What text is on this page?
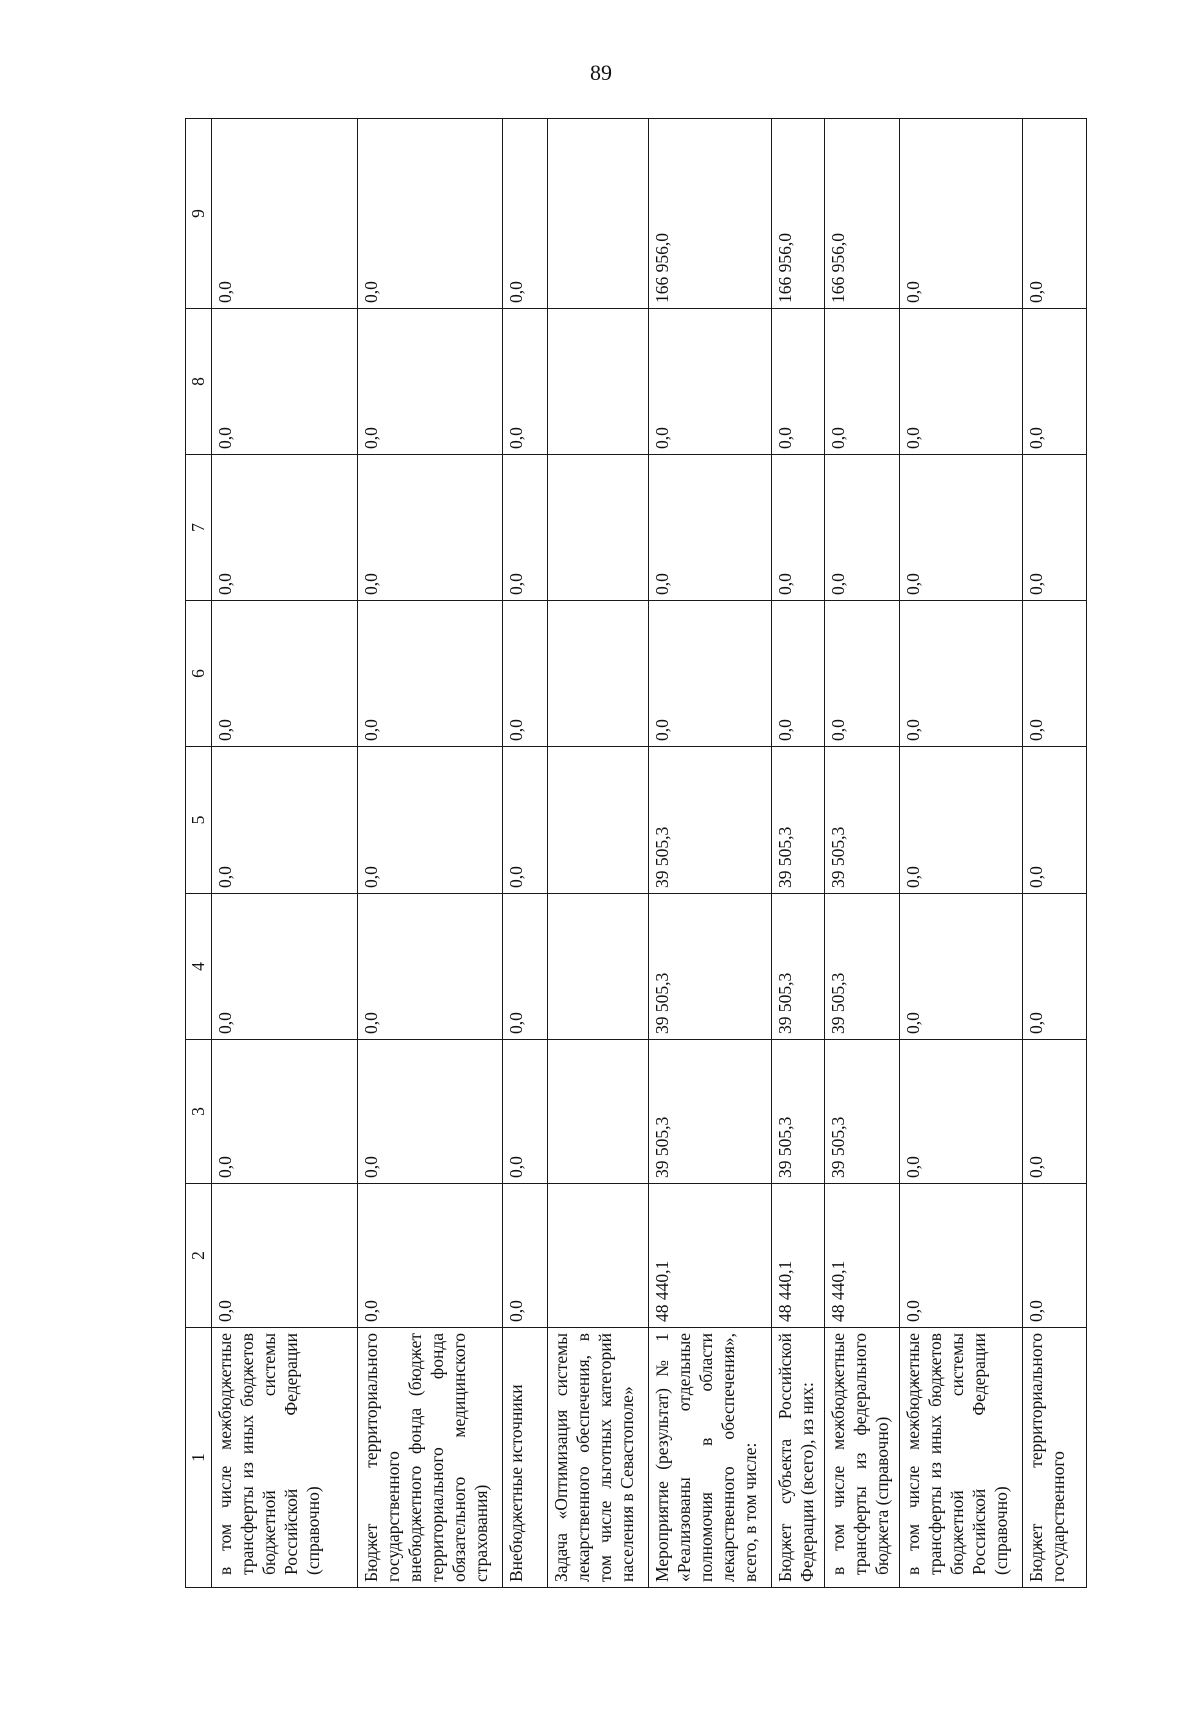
89
1	2	3	4	5	6	7	8	9
в том числе межбюджетные трансферты из иных бюджетов бюджетной системы Российской Федерации (справочно)	0,0	0,0	0,0	0,0	0,0	0,0	0,0	0,0
Бюджет территориального государственного внебюджетного фонда (бюджет территориального фонда обязательного медицинского страхования)	0,0	0,0	0,0	0,0	0,0	0,0	0,0	0,0
Внебюджетные источники	0,0	0,0	0,0	0,0	0,0	0,0	0,0	0,0
Задача «Оптимизация системы лекарственного обеспечения, в том числе льготных категорий населения в Севастополе»								
Мероприятие (результат) № 1 «Реализованы отдельные полномочия в области лекарственного обеспечения», всего, в том числе:	48 440,1	39 505,3	39 505,3	39 505,3	0,0	0,0	0,0	166 956,0
Бюджет субъекта Российской Федерации (всего), из них:	48 440,1	39 505,3	39 505,3	39 505,3	0,0	0,0	0,0	166 956,0
в том числе межбюджетные трансферты из федерального бюджета (справочно)	48 440,1	39 505,3	39 505,3	39 505,3	0,0	0,0	0,0	166 956,0
в том числе межбюджетные трансферты из иных бюджетов бюджетной системы Российской Федерации (справочно)	0,0	0,0	0,0	0,0	0,0	0,0	0,0	0,0
Бюджет территориального государственного	0,0	0,0	0,0	0,0	0,0	0,0	0,0	0,0
